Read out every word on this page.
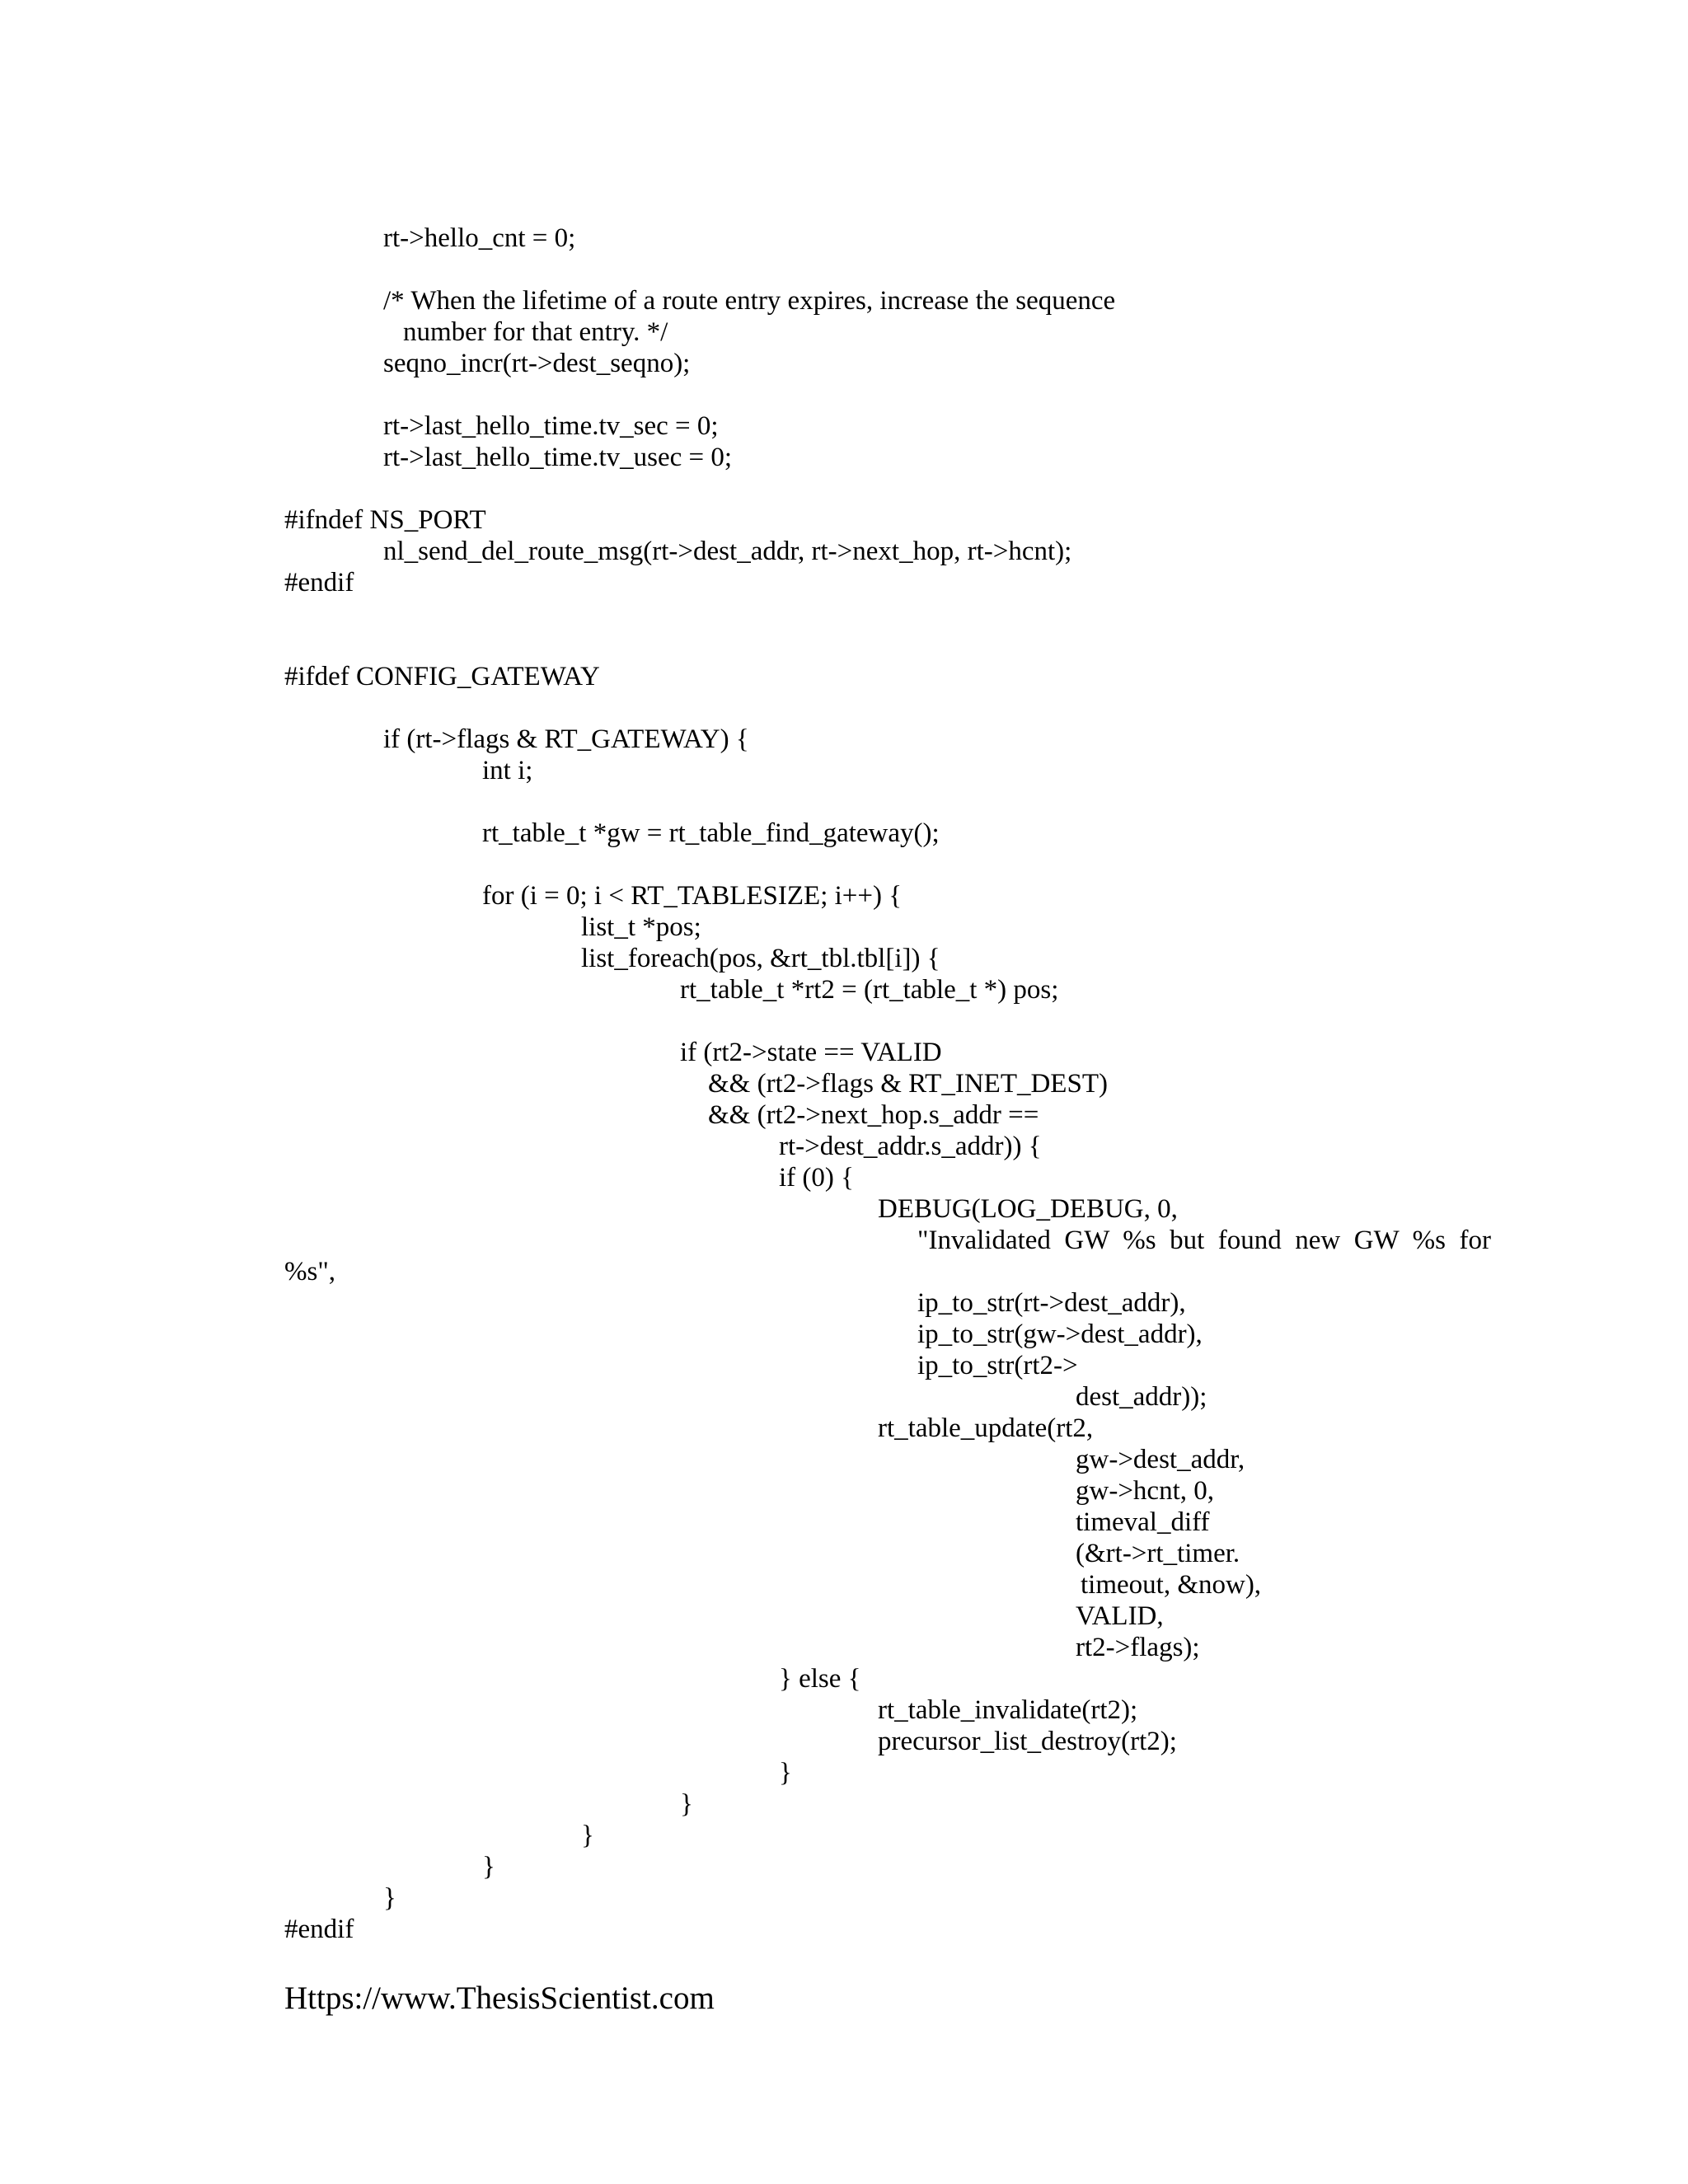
rt->hello_cnt = 0;
/* When the lifetime of a route entry expires, increase the sequence
number for that entry. */
seqno_incr(rt->dest_seqno);
rt->last_hello_time.tv_sec = 0;
rt->last_hello_time.tv_usec = 0;
#ifndef NS_PORT
nl_send_del_route_msg(rt->dest_addr, rt->next_hop, rt->hcnt);
#endif
#ifdef CONFIG_GATEWAY
if (rt->flags & RT_GATEWAY) {
int i;
rt_table_t *gw = rt_table_find_gateway();
for (i = 0; i < RT_TABLESIZE; i++) {
list_t *pos;
list_foreach(pos, &rt_tbl.tbl[i]) {
rt_table_t *rt2 = (rt_table_t *) pos;
if (rt2->state == VALID
&& (rt2->flags & RT_INET_DEST)
&& (rt2->next_hop.s_addr ==
rt->dest_addr.s_addr)) {
if (0) {
DEBUG(LOG_DEBUG, 0,
"Invalidated  GW  %s  but  found  new  GW  %s  for
%s",
ip_to_str(rt->dest_addr),
ip_to_str(gw->dest_addr),
ip_to_str(rt2->
dest_addr));
rt_table_update(rt2,
gw->dest_addr,
gw->hcnt, 0,
timeval_diff
(&rt->rt_timer.
timeout, &now),
VALID,
rt2->flags);
} else {
rt_table_invalidate(rt2);
precursor_list_destroy(rt2);
}
}
}
}
}
#endif
Https://www.ThesisScientist.com
